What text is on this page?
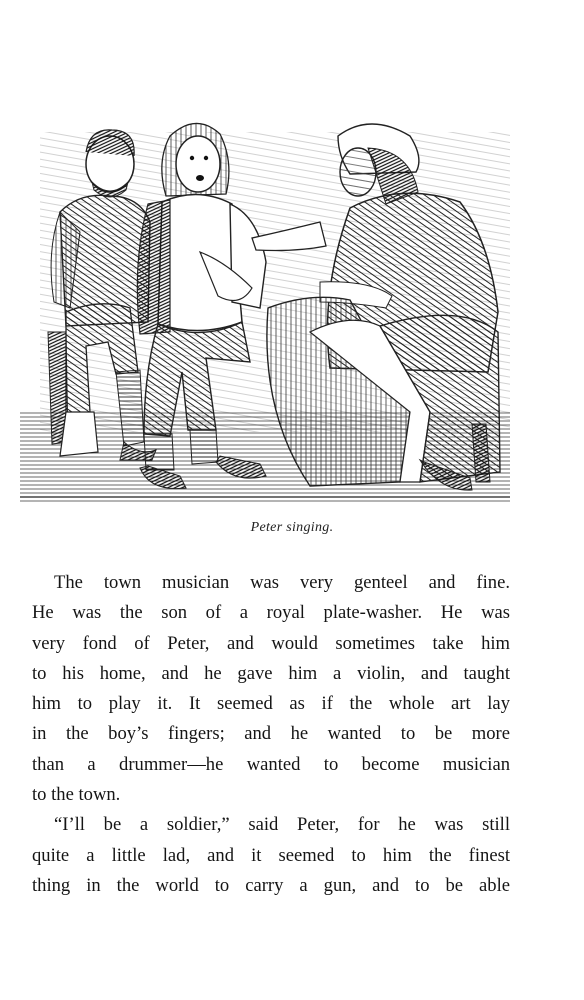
Peter singing.

The town musician was very genteel and fine.
He was the son of a royal plate-washer. He was
very fond of Peter, and would sometimes take him
to his home, and he gave him a violin, and taught
him to play it. It seemed as if the whole art lay
in the boy’s fingers; and he wanted to be more
than a drummer—he wanted to become musician
to the town.

“I’ll be a soldier,” said Peter, for he was still
quite a little lad, and it seemed to him the finest
thing in the world to carry a gun, and to be able
